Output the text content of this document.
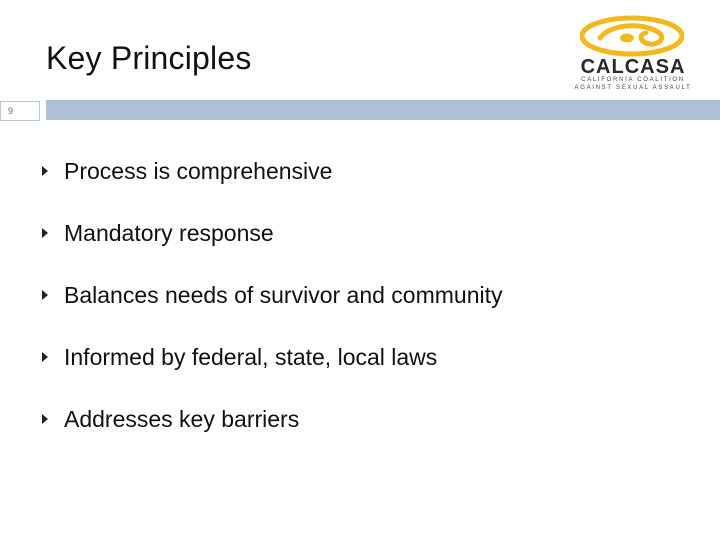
Key Principles	CALCASA
CALIFORNIA COALITION
AGAINST SEXUAL ASSAULT
9
Process is comprehensive
Mandatory response
Balances needs of survivor and community
Informed by federal, state, local laws
Addresses key barriers
